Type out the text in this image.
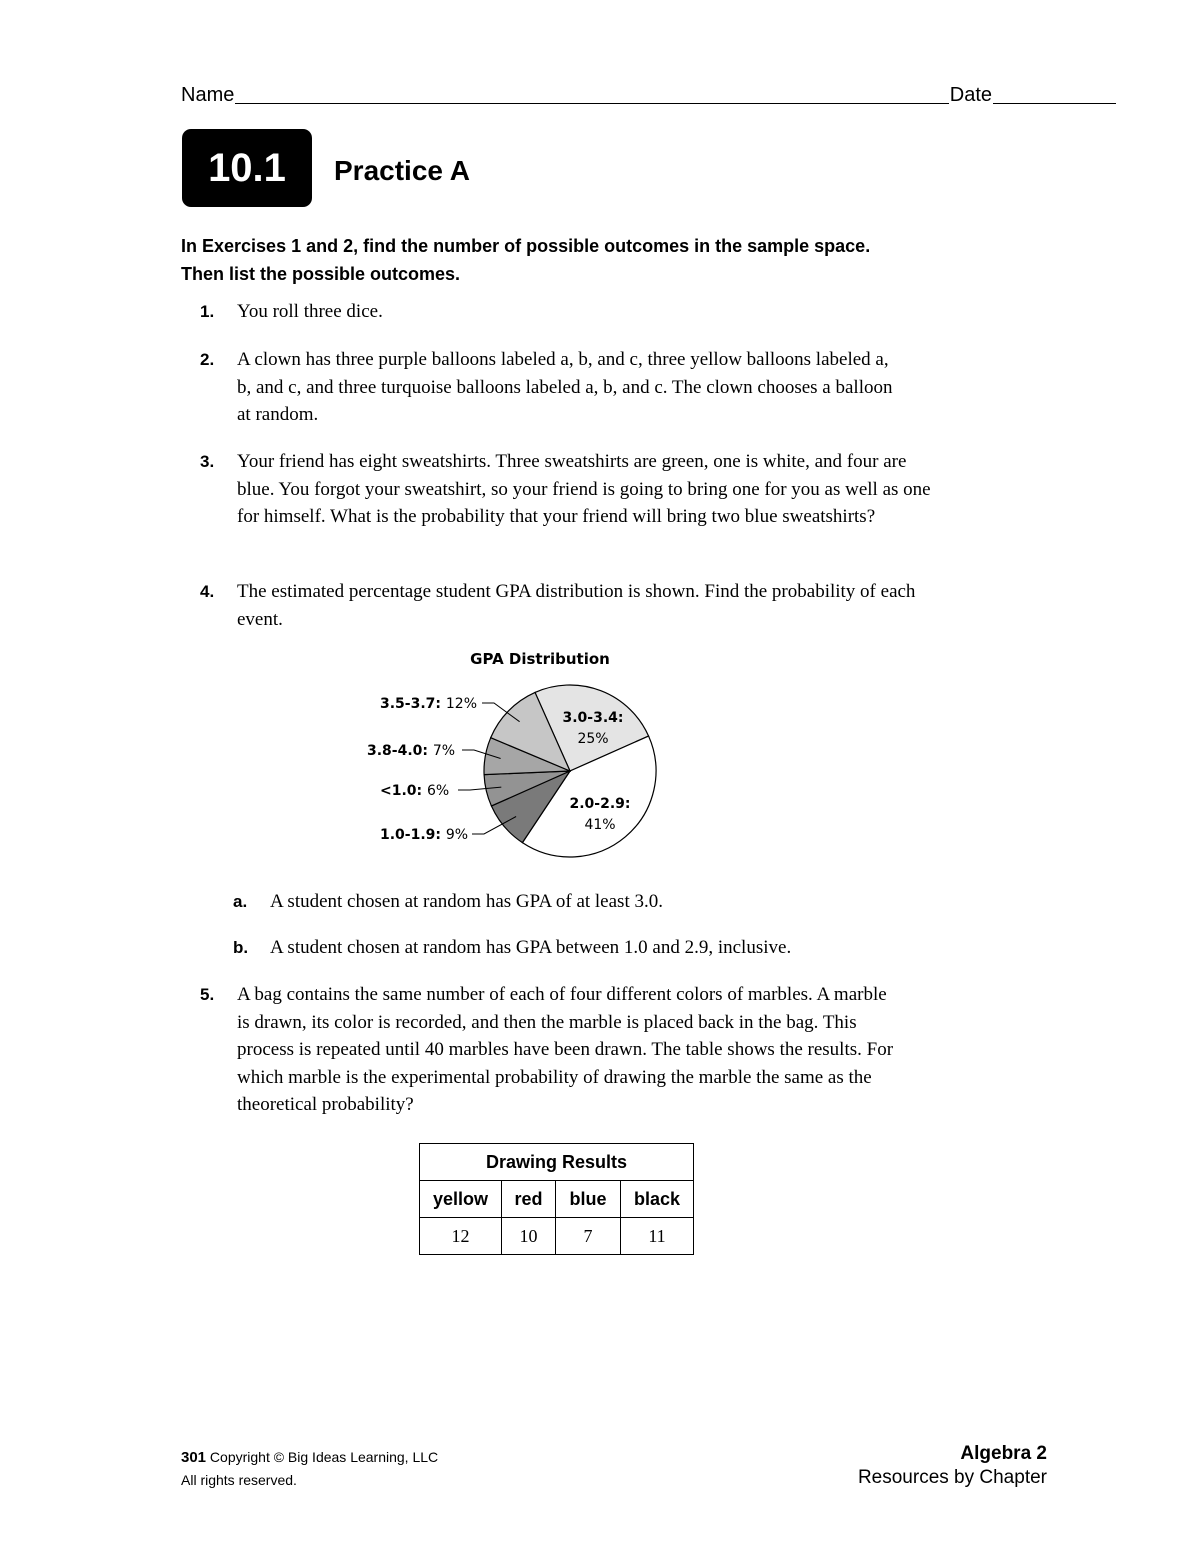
Name	Date
10.1	Practice A
In Exercises 1 and 2, find the number of possible outcomes in the sample space.
Then list the possible outcomes.
1.	You roll three dice.
2.	A clown has three purple balloons labeled a, b, and c, three yellow balloons labeled a, b, and c, and three turquoise balloons labeled a, b, and c. The clown chooses a balloon at random.
3.	Your friend has eight sweatshirts. Three sweatshirts are green, one is white, and four are blue. You forgot your sweatshirt, so your friend is going to bring one for you as well as one for himself. What is the probability that your friend will bring two blue sweatshirts?
4.	The estimated percentage student GPA distribution is shown. Find the probability of each event.
GPA Distribution
3.0-3.4:
25%
2.0-2.9:
41%
1.0-1.9: 9%
<1.0: 6%
3.8-4.0: 7%
3.5-3.7: 12%
a. A student chosen at random has GPA of at least 3.0.
b. A student chosen at random has GPA between 1.0 and 2.9, inclusive.
5.	A bag contains the same number of each of four different colors of marbles. A marble is drawn, its color is recorded, and then the marble is placed back in the bag. This process is repeated until 40 marbles have been drawn. The table shows the results. For which marble is the experimental probability of drawing the marble the same as the theoretical probability?
Drawing Results			
yellow	red	blue	black
12	10	7	11
301 Copyright © Big Ideas Learning, LLC
All rights reserved.
Algebra 2
Resources by Chapter
